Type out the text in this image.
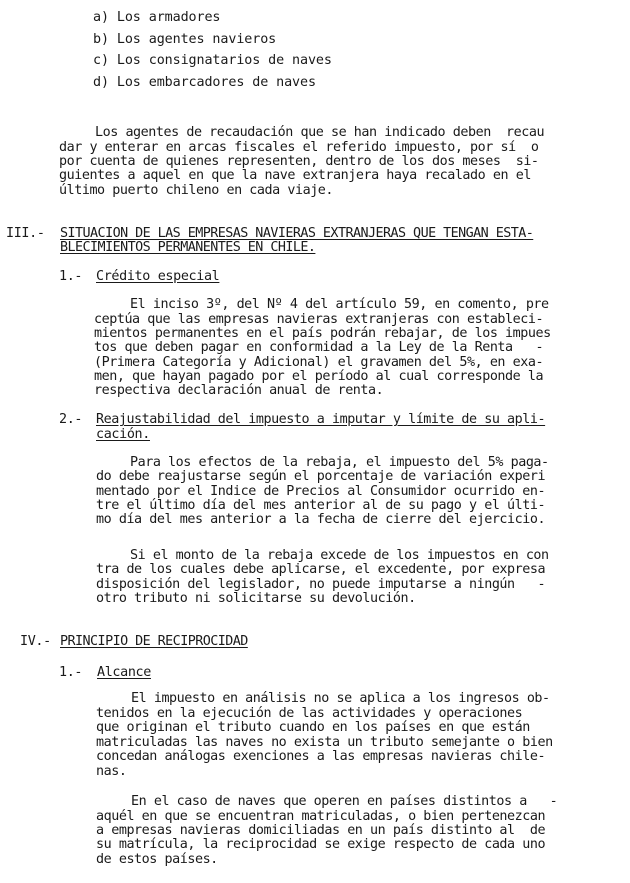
a) Los armadores
b) Los agentes navieros
c) Los consignatarios de naves
d) Los embarcadores de naves
Los agentes de recaudación que se han indicado deben  recau
dar y enterar en arcas fiscales el referido impuesto, por sí  o
por cuenta de quienes representen, dentro de los dos meses  si-
guientes a aquel en que la nave extranjera haya recalado en el
último puerto chileno en cada viaje.
III.- SITUACION DE LAS EMPRESAS NAVIERAS EXTRANJERAS QUE TENGAN ESTA-
BLECIMIENTOS PERMANENTES EN CHILE.
1.- Crédito especial
El inciso 3º, del Nº 4 del artículo 59, en comento, pre
ceptúa que las empresas navieras extranjeras con estableci-
mientos permanentes en el país podrán rebajar, de los impues
tos que deben pagar en conformidad a la Ley de la Renta   -
(Primera Categoría y Adicional) el gravamen del 5%, en exa-
men, que hayan pagado por el período al cual corresponde la
respectiva declaración anual de renta.
2.- Reajustabilidad del impuesto a imputar y límite de su apli-
cación.
Para los efectos de la rebaja, el impuesto del 5% paga-
do debe reajustarse según el porcentaje de variación experi
mentado por el Indice de Precios al Consumidor ocurrido en-
tre el último día del mes anterior al de su pago y el últi-
mo día del mes anterior a la fecha de cierre del ejercicio.
Si el monto de la rebaja excede de los impuestos en con
tra de los cuales debe aplicarse, el excedente, por expresa
disposición del legislador, no puede imputarse a ningún   -
otro tributo ni solicitarse su devolución.
IV.- PRINCIPIO DE RECIPROCIDAD
1.- Alcance
El impuesto en análisis no se aplica a los ingresos ob-
tenidos en la ejecución de las actividades y operaciones
que originan el tributo cuando en los países en que están
matriculadas las naves no exista un tributo semejante o bien
concedan análogas exenciones a las empresas navieras chile-
nas.
En el caso de naves que operen en países distintos a   -
aquél en que se encuentran matriculadas, o bien pertenezcan
a empresas navieras domiciliadas en un país distinto al  de
su matrícula, la reciprocidad se exige respecto de cada uno
de estos países.
